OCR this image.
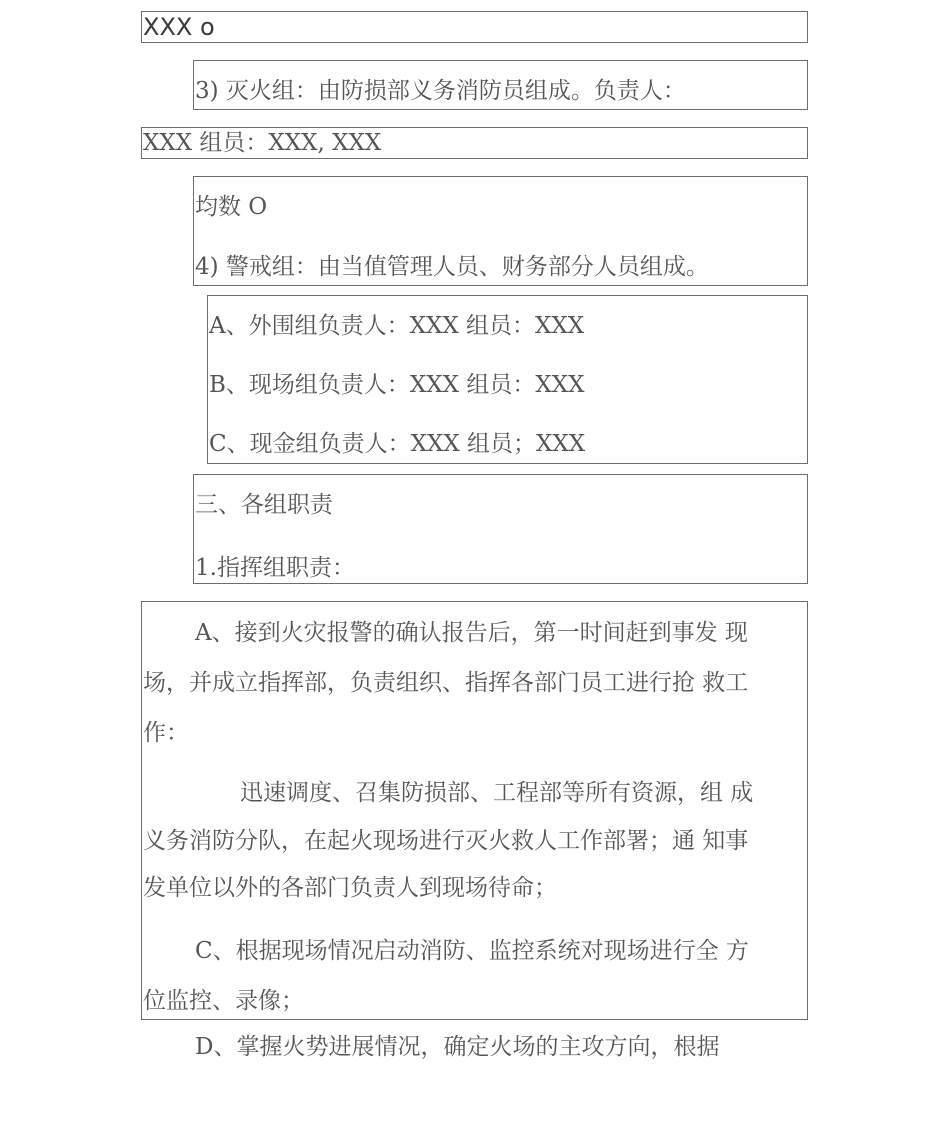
XXX o
3) 灭火组：由防损部义务消防员组成。负责人：
XXX 组员：XXX, XXX
均数 O
4) 警戒组：由当值管理人员、财务部分人员组成。
A、外围组负责人：XXX 组员：XXX
B、现场组负责人：XXX 组员：XXX
C、现金组负责人：XXX 组员；XXX
三、各组职责
1.指挥组职责：
A、接到火灾报警的确认报告后，第一时间赶到事发 现
场，并成立指挥部，负责组织、指挥各部门员工进行抢 救工
作：
迅速调度、召集防损部、工程部等所有资源，组 成
义务消防分队，在起火现场进行灭火救人工作部署；通 知事
发单位以外的各部门负责人到现场待命；
C、根据现场情况启动消防、监控系统对现场进行全 方
位监控、录像；
D、掌握火势进展情况，确定火场的主攻方向，根据
